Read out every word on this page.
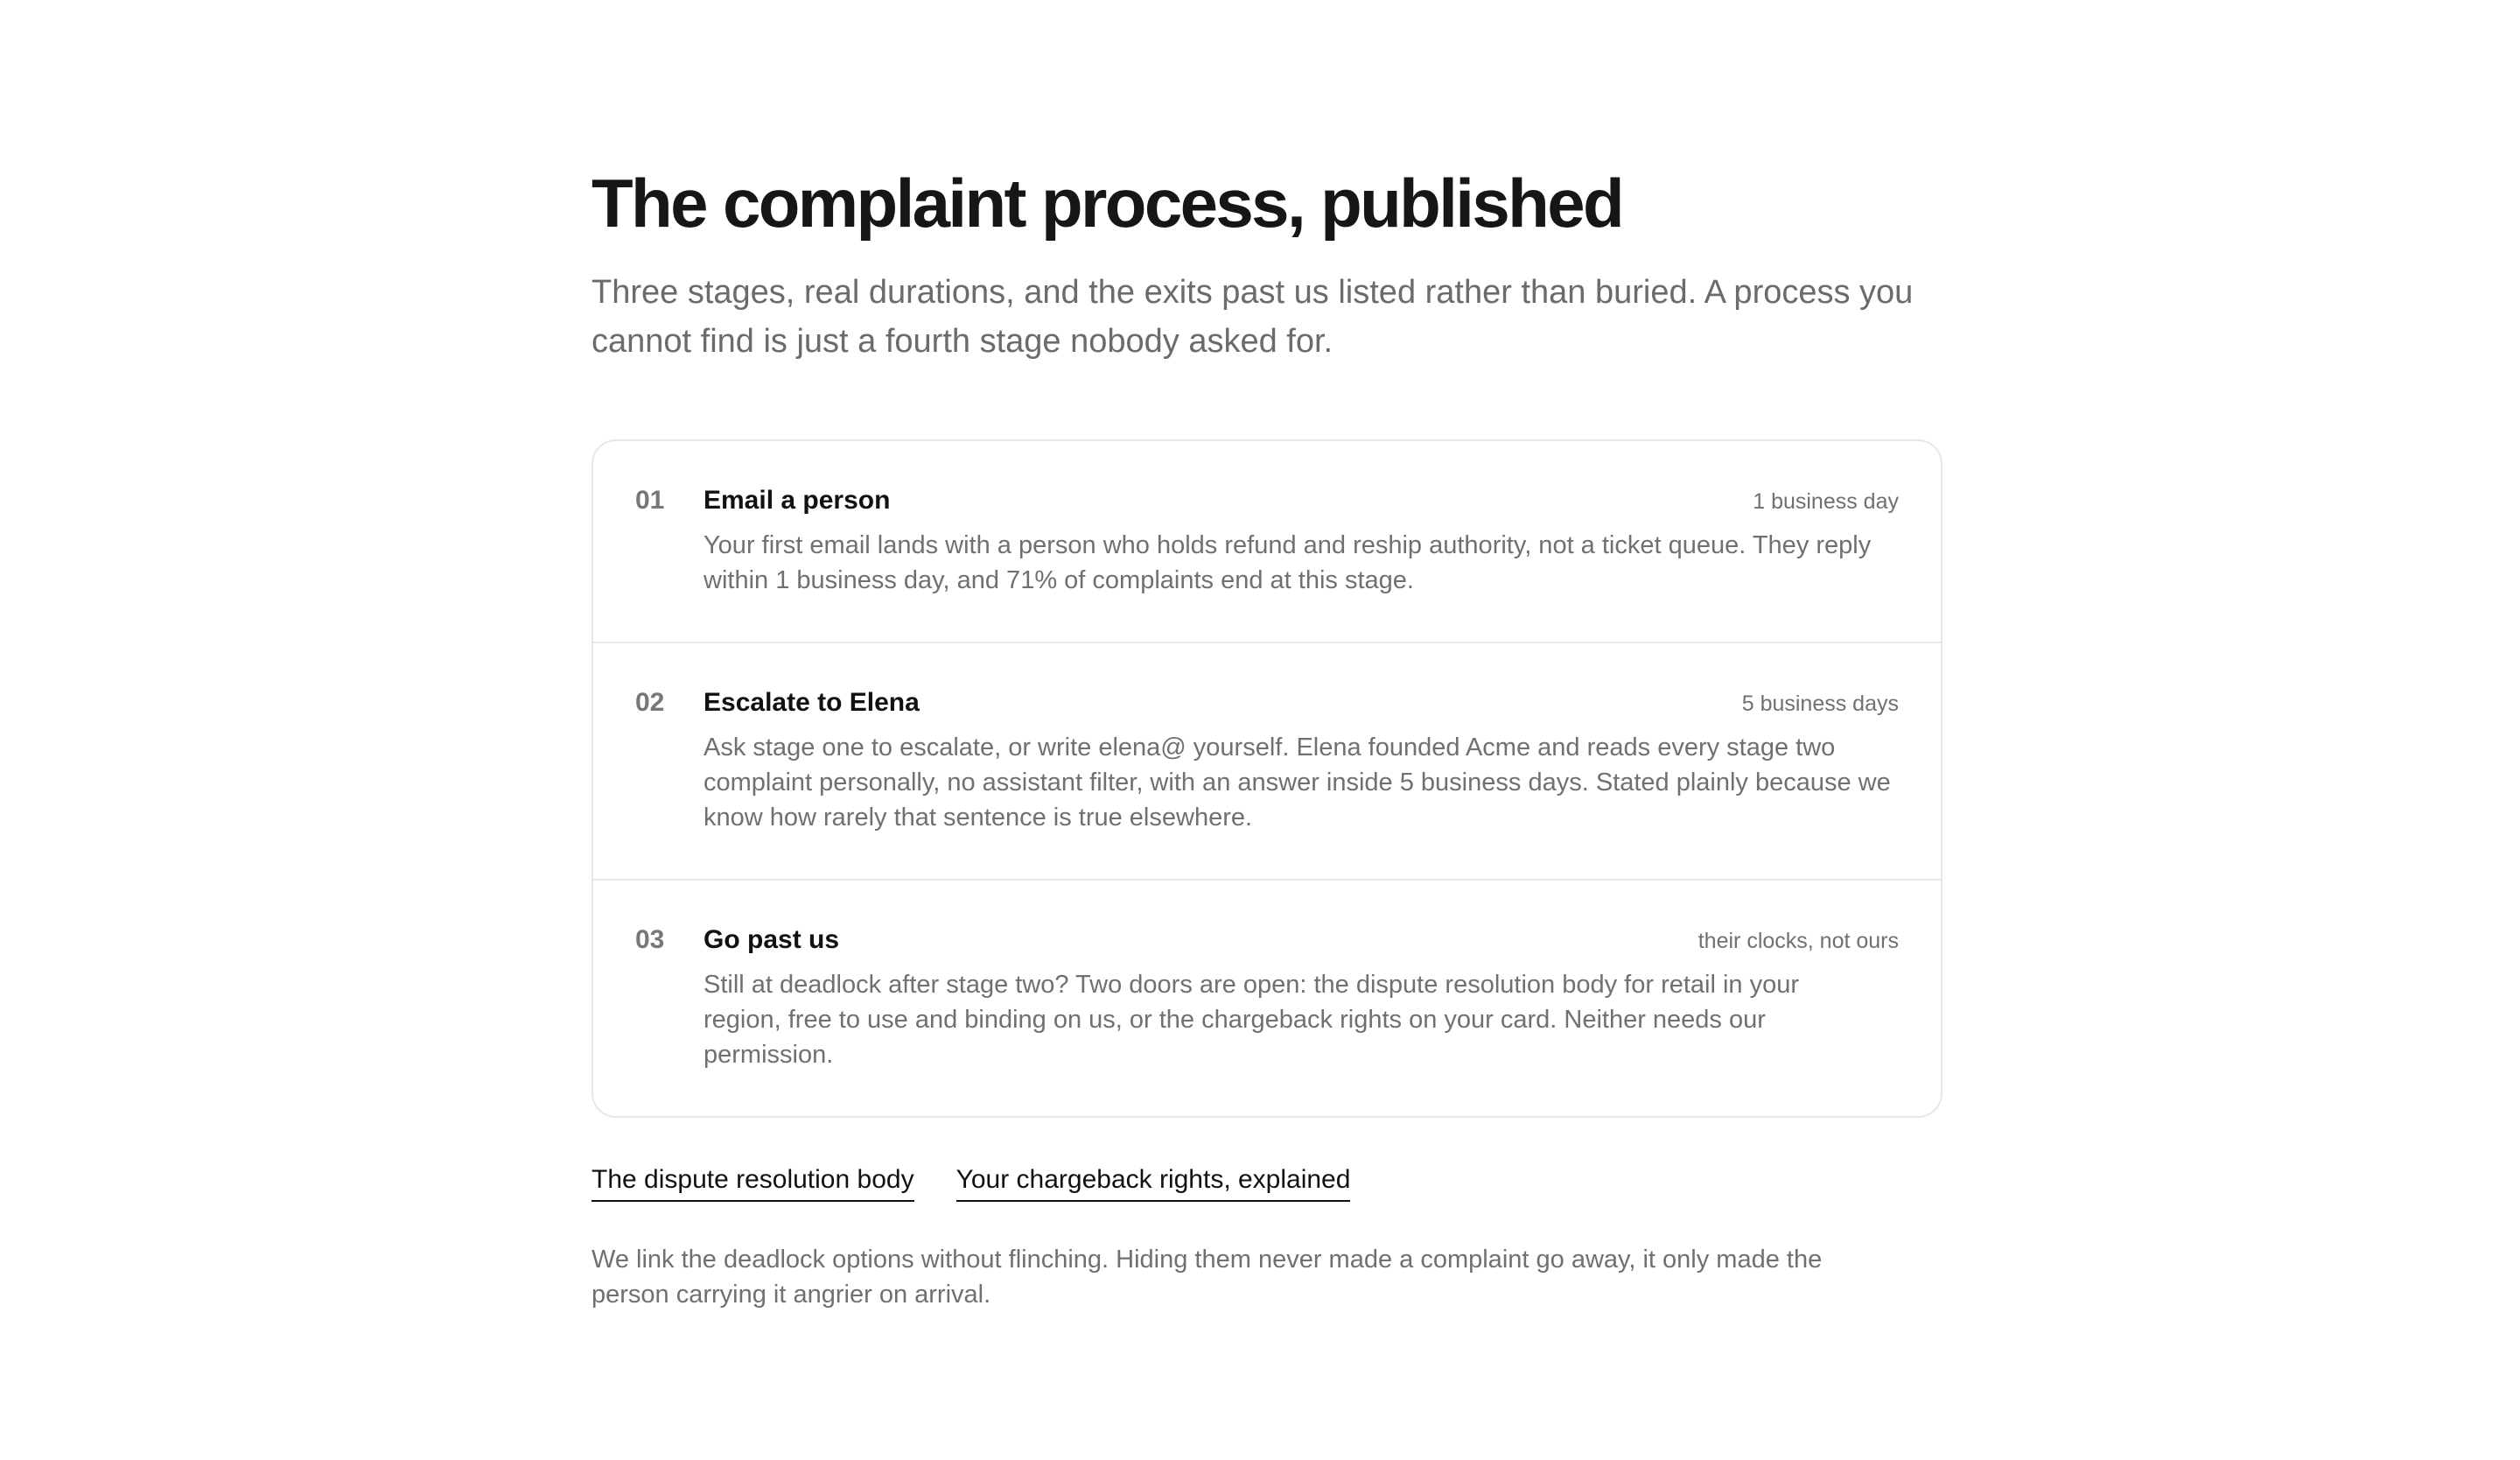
The complaint process, published

Three stages, real durations, and the exits past us listed rather than buried. A process you cannot find is just a fourth stage nobody asked for.

01	Email a person	1 business day
Your first email lands with a person who holds refund and reship authority, not a ticket queue. They reply within 1 business day, and 71% of complaints end at this stage.
02	Escalate to Elena	5 business days
Ask stage one to escalate, or write elena@ yourself. Elena founded Acme and reads every stage two complaint personally, no assistant filter, with an answer inside 5 business days. Stated plainly because we know how rarely that sentence is true elsewhere.
03	Go past us	their clocks, not ours
Still at deadlock after stage two? Two doors are open: the dispute resolution body for retail in your region, free to use and binding on us, or the chargeback rights on your card. Neither needs our permission.
The dispute resolution body Your chargeback rights, explained

We link the deadlock options without flinching. Hiding them never made a complaint go away, it only made the person carrying it angrier on arrival.
